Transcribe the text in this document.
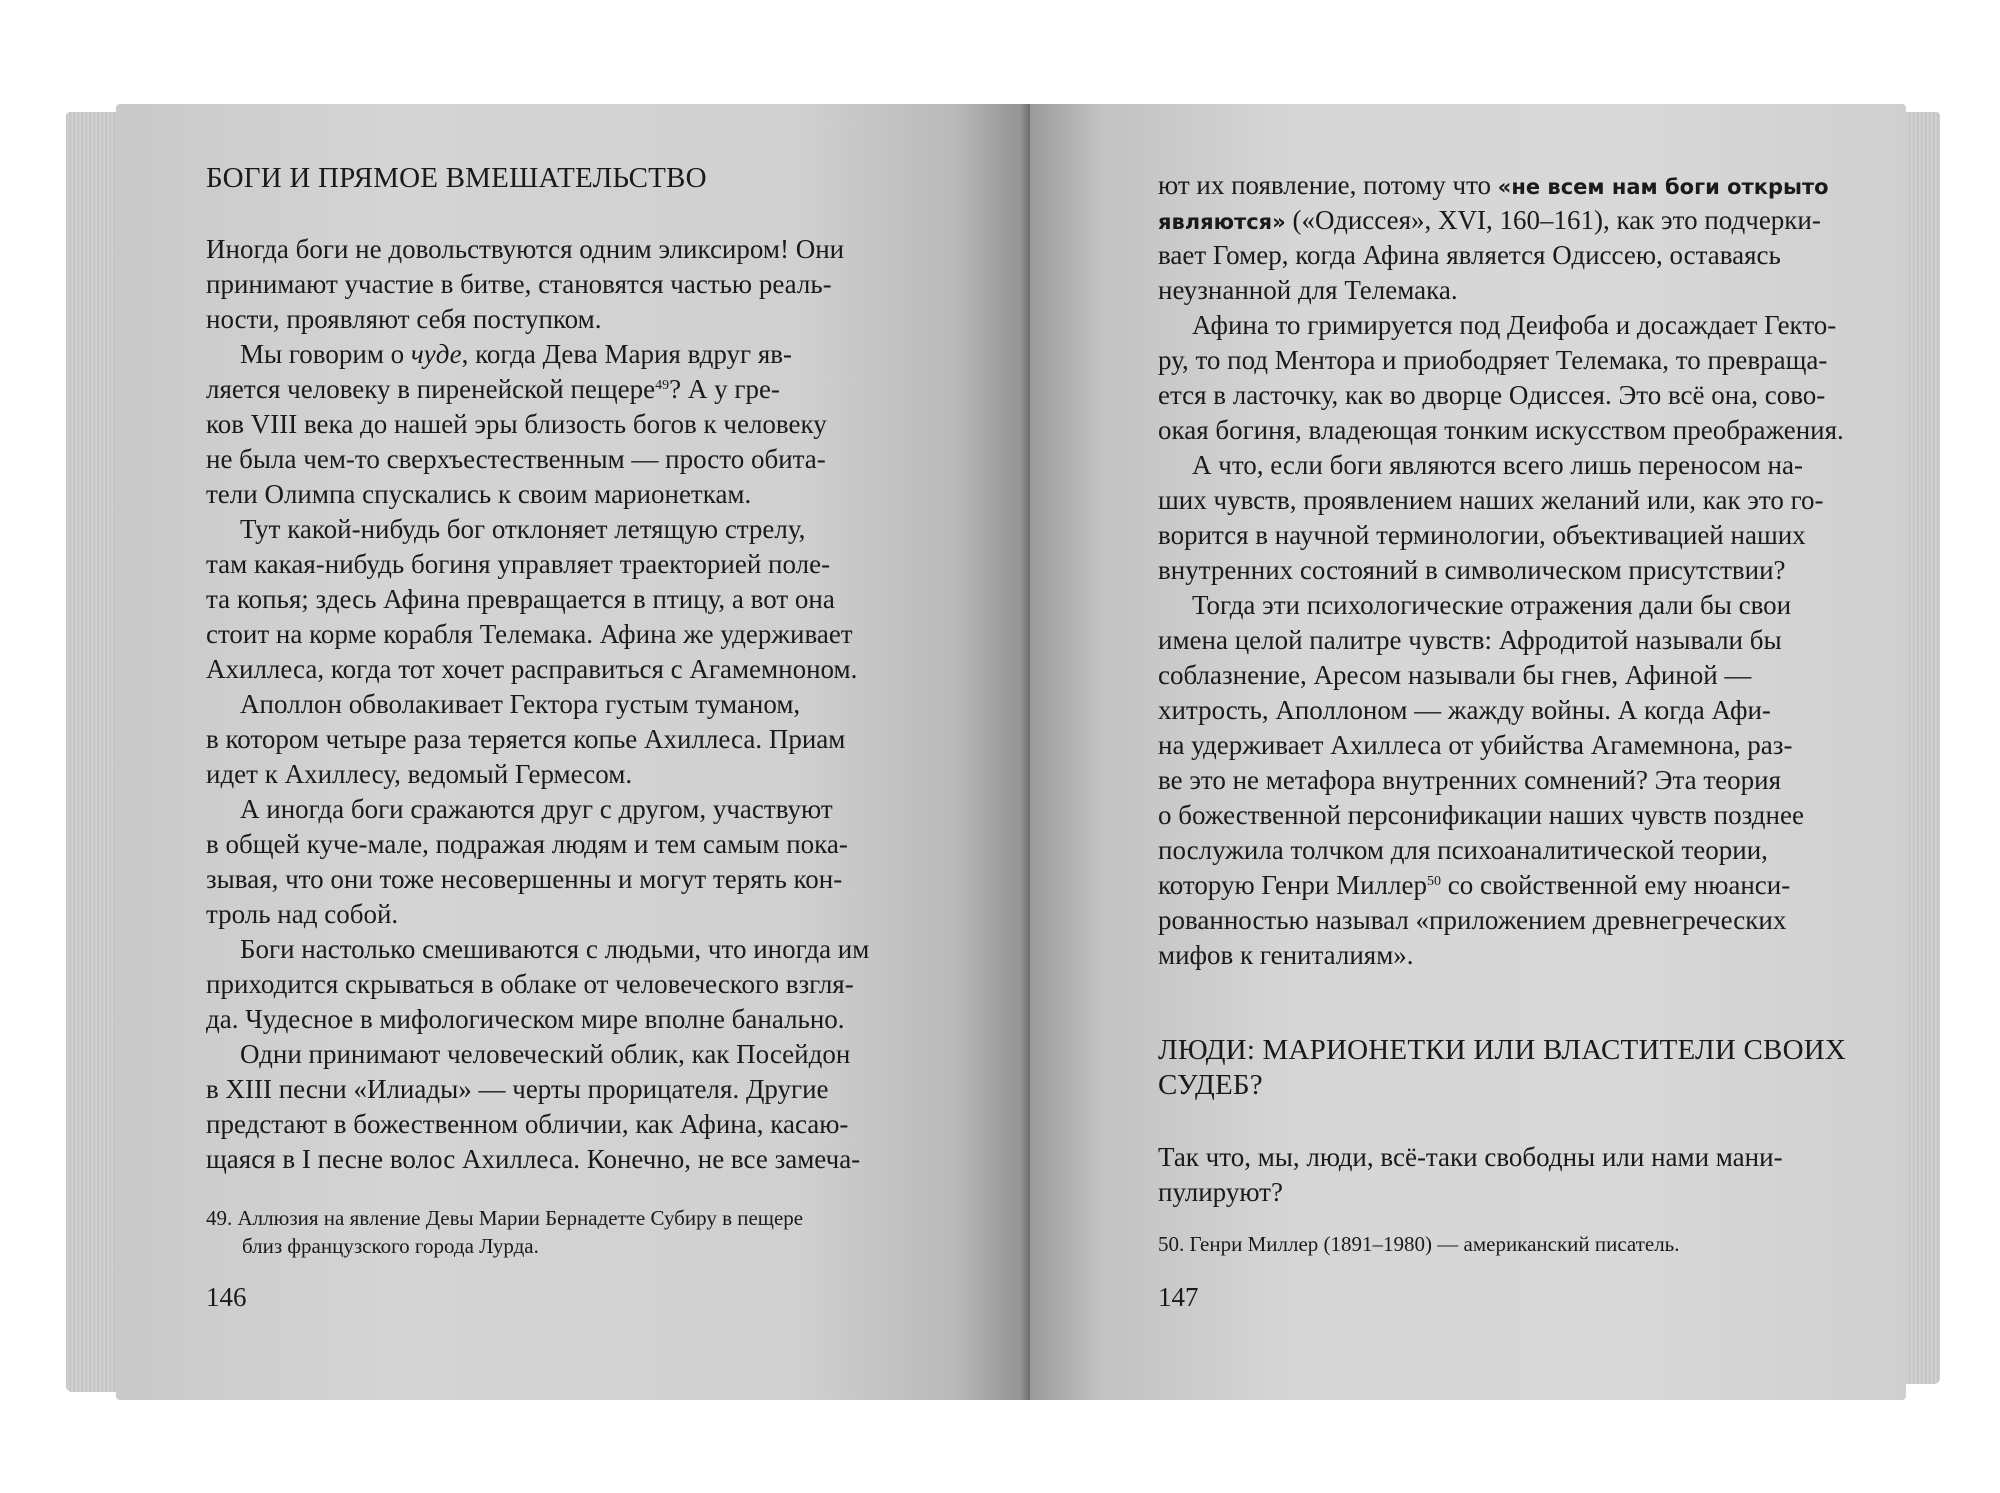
БОГИ И ПРЯМОЕ ВМЕШАТЕЛЬСТВО
Иногда боги не довольствуются одним эликсиром! Они
принимают участие в битве, становятся частью реаль-
ности, проявляют себя поступком.
Мы говорим о чуде, когда Дева Мария вдруг яв-
ляется человеку в пиренейской пещере$^{49}$? А у гре-
ков VIII века до нашей эры близость богов к человеку
не была чем-то сверхъестественным — просто обита-
тели Олимпа спускались к своим марионеткам.
Тут какой-нибудь бог отклоняет летящую стрелу,
там какая-нибудь богиня управляет траекторией поле-
та копья; здесь Афина превращается в птицу, а вот она
стоит на корме корабля Телемака. Афина же удерживает
Ахиллеса, когда тот хочет расправиться с Агамемноном.
Аполлон обволакивает Гектора густым туманом,
в котором четыре раза теряется копье Ахиллеса. Приам
идет к Ахиллесу, ведомый Гермесом.
А иногда боги сражаются друг с другом, участвуют
в общей куче-мале, подражая людям и тем самым пока-
зывая, что они тоже несовершенны и могут терять кон-
троль над собой.
Боги настолько смешиваются с людьми, что иногда им
приходится скрываться в облаке от человеческого взгля-
да. Чудесное в мифологическом мире вполне банально.
Одни принимают человеческий облик, как Посейдон
в XIII песни «Илиады» — черты прорицателя. Другие
предстают в божественном обличии, как Афина, касаю-
щаяся в I песне волос Ахиллеса. Конечно, не все замеча-
49. Аллюзия на явление Девы Марии Бернадетте Субиру в пещере
близ французского города Лурда.
146
ют их появление, потому что «не всем нам боги открыто
являются» («Одиссея», XVI, 160–161), как это подчерки-
вает Гомер, когда Афина является Одиссею, оставаясь
неузнанной для Телемака.
Афина то гримируется под Деифоба и досаждает Гекто-
ру, то под Ментора и приободряет Телемака, то превраща-
ется в ласточку, как во дворце Одиссея. Это всё она, сово-
окая богиня, владеющая тонким искусством преображения.
А что, если боги являются всего лишь переносом на-
ших чувств, проявлением наших желаний или, как это го-
ворится в научной терминологии, объективацией наших
внутренних состояний в символическом присутствии?
Тогда эти психологические отражения дали бы свои
имена целой палитре чувств: Афродитой называли бы
соблазнение, Аресом называли бы гнев, Афиной —
хитрость, Аполлоном — жажду войны. А когда Афи-
на удерживает Ахиллеса от убийства Агамемнона, раз-
ве это не метафора внутренних сомнений? Эта теория
о божественной персонификации наших чувств позднее
послужила толчком для психоаналитической теории,
которую Генри Миллер$^{50}$ со свойственной ему нюанси-
рованностью называл «приложением древнегреческих
мифов к гениталиям».
ЛЮДИ: МАРИОНЕТКИ ИЛИ ВЛАСТИТЕЛИ СВОИХ
СУДЕБ?
Так что, мы, люди, всё-таки свободны или нами мани-
пулируют?
50. Генри Миллер (1891–1980) — американский писатель.
147
